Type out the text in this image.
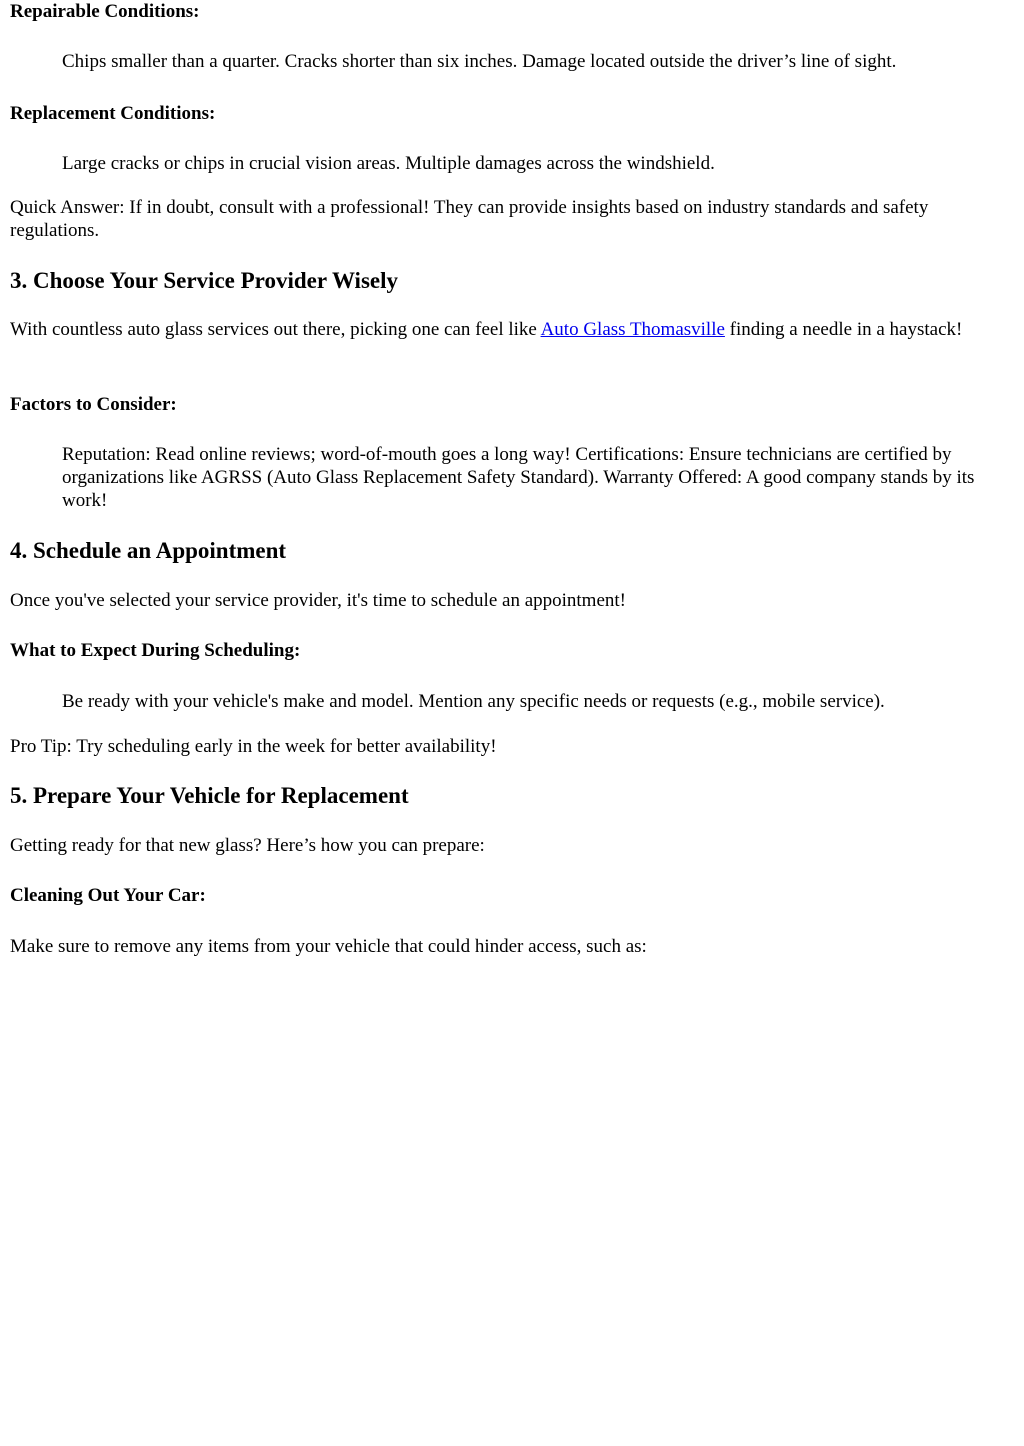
Repairable Conditions:

Chips smaller than a quarter. Cracks shorter than six inches. Damage located outside the driver’s line of sight.

Replacement Conditions:

Large cracks or chips in crucial vision areas. Multiple damages across the windshield.

Quick Answer: If in doubt, consult with a professional! They can provide insights based on industry standards and safety regulations.

3. Choose Your Service Provider Wisely

With countless auto glass services out there, picking one can feel like Auto Glass Thomasville finding a needle in a haystack!

Factors to Consider:

Reputation: Read online reviews; word-of-mouth goes a long way! Certifications: Ensure technicians are certified by organizations like AGRSS (Auto Glass Replacement Safety Standard). Warranty Offered: A good company stands by its work!

4. Schedule an Appointment

Once you've selected your service provider, it's time to schedule an appointment!

What to Expect During Scheduling:

Be ready with your vehicle's make and model. Mention any specific needs or requests (e.g., mobile service).

Pro Tip: Try scheduling early in the week for better availability!

5. Prepare Your Vehicle for Replacement

Getting ready for that new glass? Here’s how you can prepare:

Cleaning Out Your Car:

Make sure to remove any items from your vehicle that could hinder access, such as:
